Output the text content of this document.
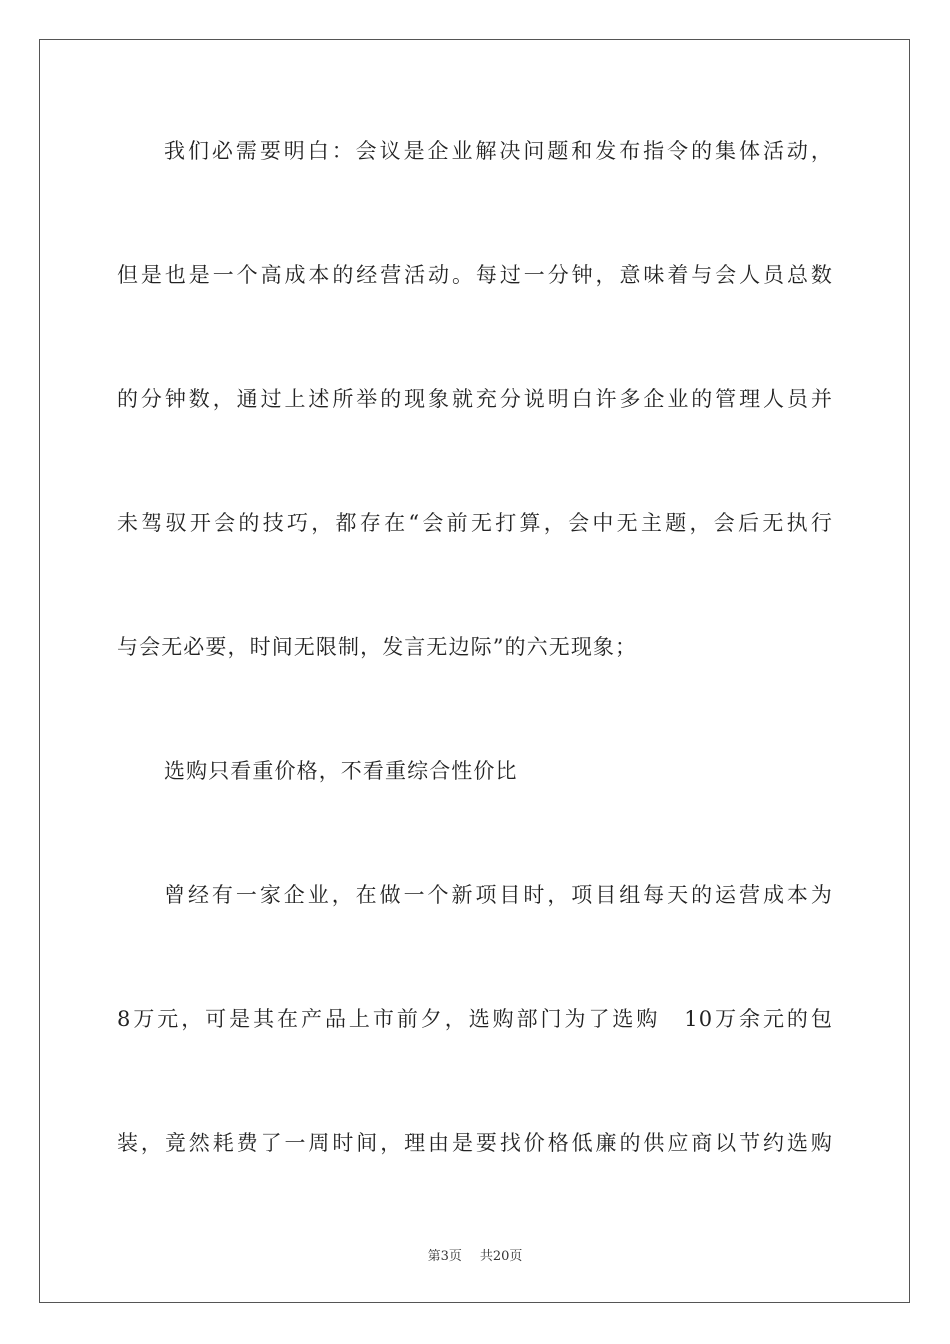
我们必需要明白：会议是企业解决问题和发布指令的集体活动，
但是也是一个高成本的经营活动。每过一分钟，意味着与会人员总数
的分钟数，通过上述所举的现象就充分说明白许多企业的管理人员并
未驾驭开会的技巧，都存在“会前无打算，会中无主题，会后无执行
与会无必要，时间无限制，发言无边际”的六无现象；
选购只看重价格，不看重综合性价比
曾经有一家企业，在做一个新项目时，项目组每天的运营成本为
8万元，可是其在产品上市前夕，选购部门为了选购　10万余元的包
装，竟然耗费了一周时间，理由是要找价格低廉的供应商以节约选购
第3页 共20页
